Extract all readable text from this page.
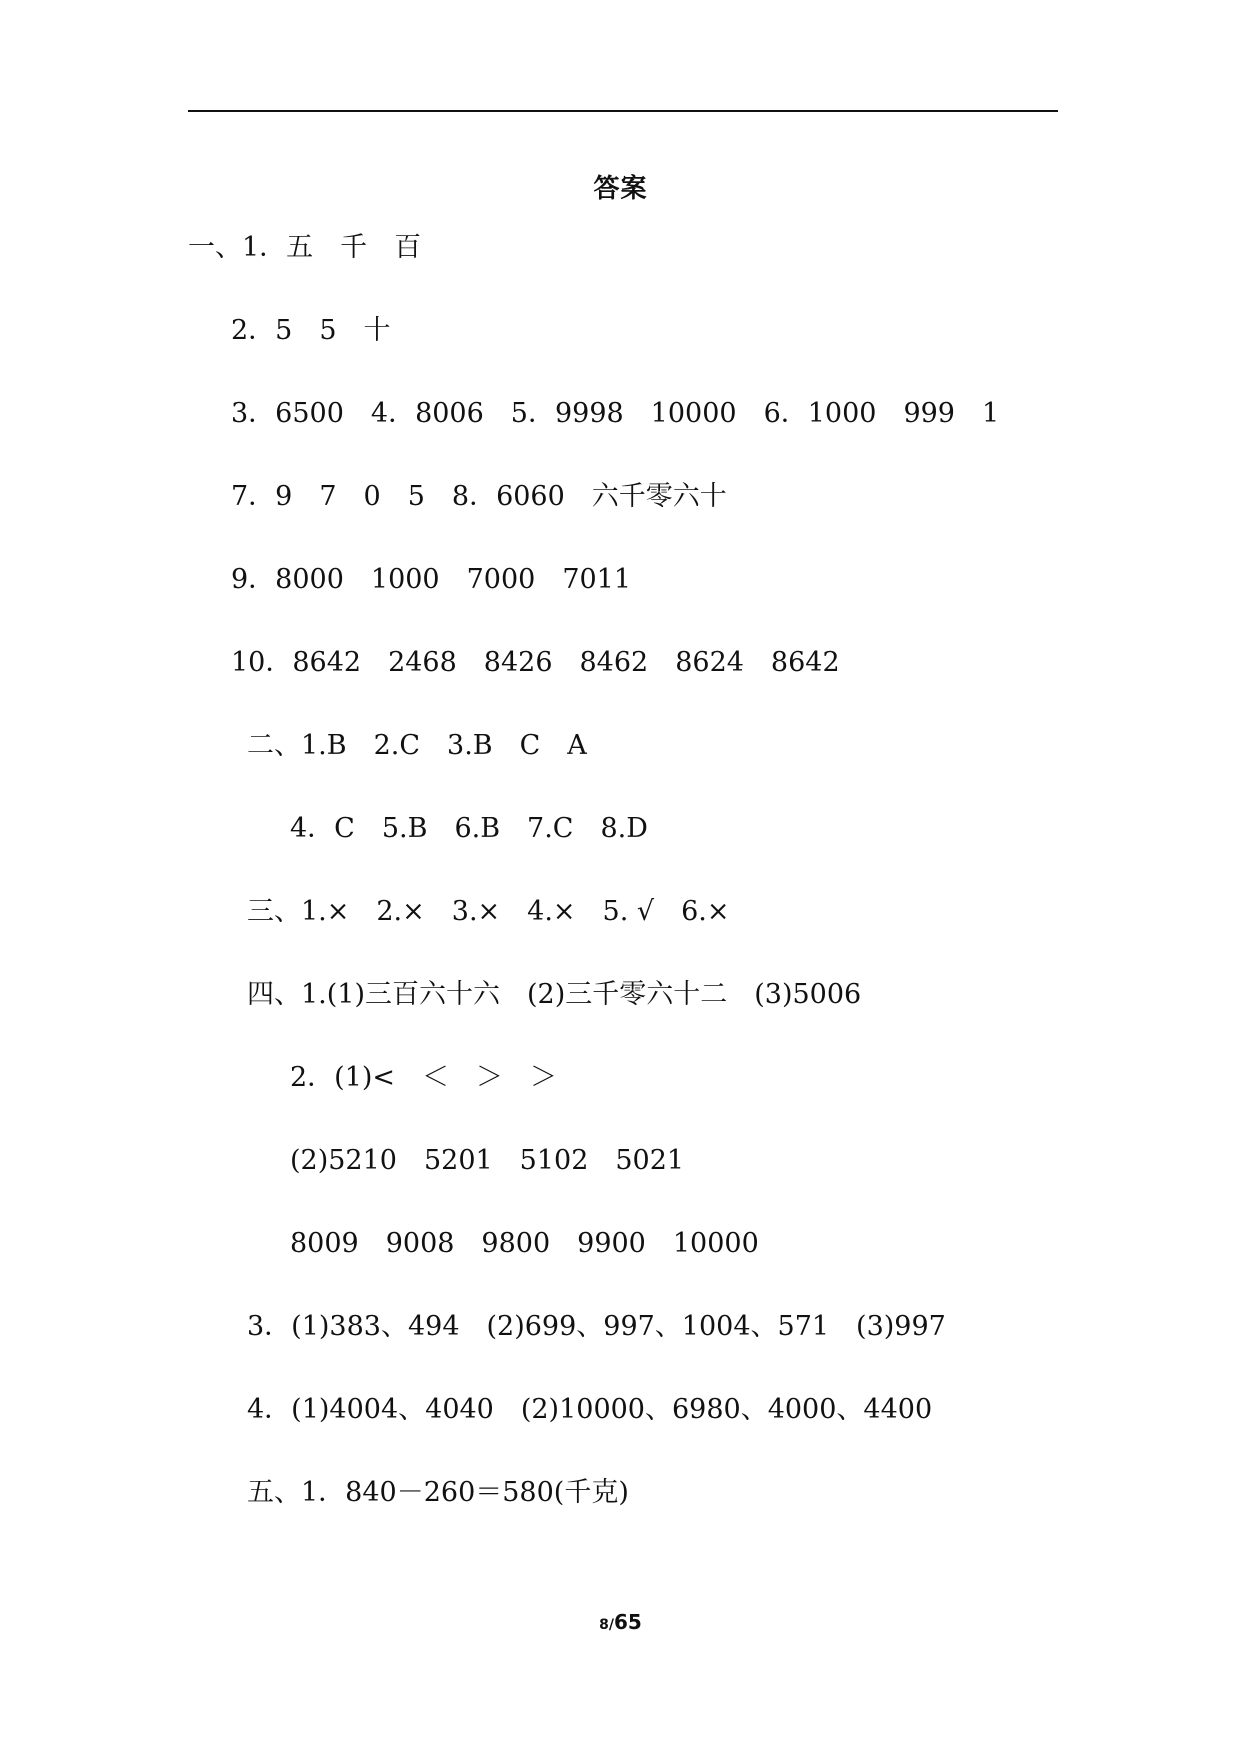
答案
一、1．五　千　百
2．5　5　十
3．6500　4．8006　5．9998　10000　6．1000　999　1
7．9　7　0　5　8．6060　六千零六十
9．8000　1000　7000　7011
10．8642　2468　8426　8462　8624　8642
二、1.B　2.C　3.B　C　A
4．C　5.B　6.B　7.C　8.D
三、1.×　2.×　3.×　4.×　5. √　6.×
四、1.(1)三百六十六　(2)三千零六十二　(3)5006
2．(1)<　＜　＞　＞
(2)5210　5201　5102　5021
8009　9008　9800　9900　10000
3．(1)383、494　(2)699、997、1004、571　(3)997
4．(1)4004、4040　(2)10000、6980、4000、4400
五、1．840－260＝580(千克)
8/65
